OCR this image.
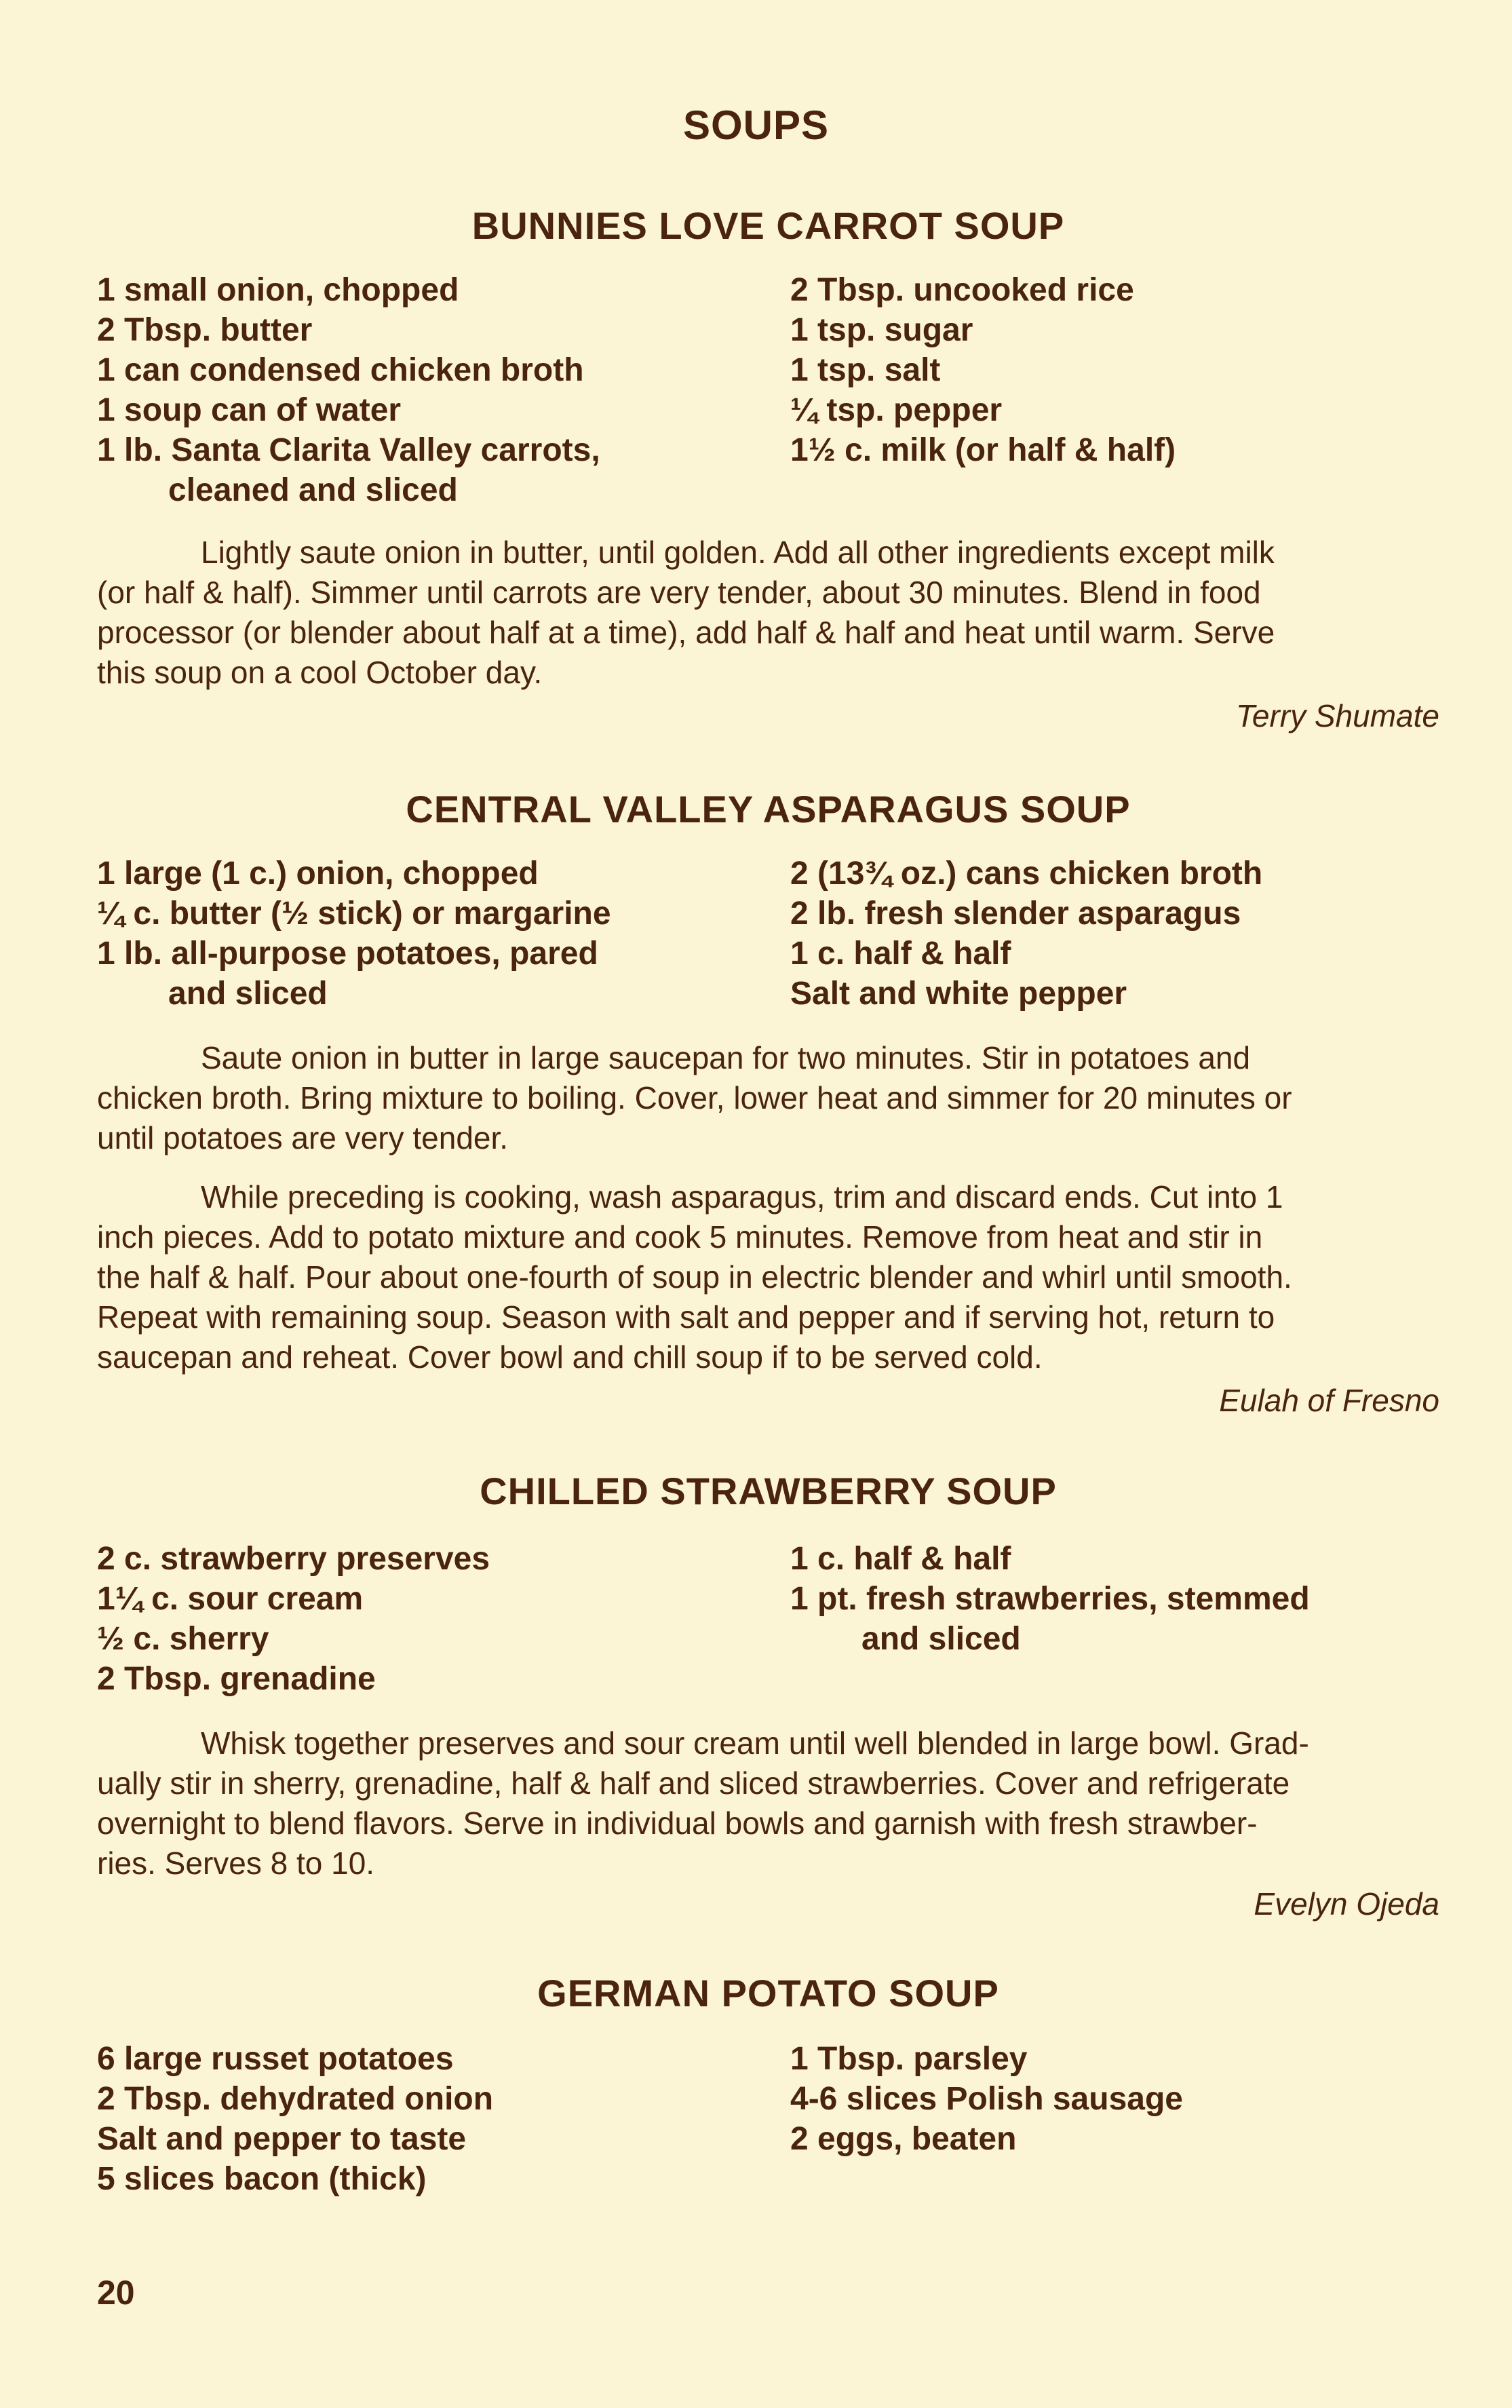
SOUPS
BUNNIES LOVE CARROT SOUP
1 small onion, chopped
2 Tbsp. butter
1 can condensed chicken broth
1 soup can of water
1 lb. Santa Clarita Valley carrots,
cleaned and sliced
2 Tbsp. uncooked rice
1 tsp. sugar
1 tsp. salt
¼ tsp. pepper
1½ c. milk (or half & half)
Lightly saute onion in butter, until golden. Add all other ingredients except milk
(or half & half). Simmer until carrots are very tender, about 30 minutes. Blend in food
processor (or blender about half at a time), add half & half and heat until warm. Serve
this soup on a cool October day.
Terry Shumate
CENTRAL VALLEY ASPARAGUS SOUP
1 large (1 c.) onion, chopped
¼ c. butter (½ stick) or margarine
1 lb. all-purpose potatoes, pared
and sliced
2 (13¾ oz.) cans chicken broth
2 lb. fresh slender asparagus
1 c. half & half
Salt and white pepper
Saute onion in butter in large saucepan for two minutes. Stir in potatoes and
chicken broth. Bring mixture to boiling. Cover, lower heat and simmer for 20 minutes or
until potatoes are very tender.
While preceding is cooking, wash asparagus, trim and discard ends. Cut into 1
inch pieces. Add to potato mixture and cook 5 minutes. Remove from heat and stir in
the half & half. Pour about one-fourth of soup in electric blender and whirl until smooth.
Repeat with remaining soup. Season with salt and pepper and if serving hot, return to
saucepan and reheat. Cover bowl and chill soup if to be served cold.
Eulah of Fresno
CHILLED STRAWBERRY SOUP
2 c. strawberry preserves
1¼ c. sour cream
½ c. sherry
2 Tbsp. grenadine
1 c. half & half
1 pt. fresh strawberries, stemmed
and sliced
Whisk together preserves and sour cream until well blended in large bowl. Grad-
ually stir in sherry, grenadine, half & half and sliced strawberries. Cover and refrigerate
overnight to blend flavors. Serve in individual bowls and garnish with fresh strawber-
ries. Serves 8 to 10.
Evelyn Ojeda
GERMAN POTATO SOUP
6 large russet potatoes
2 Tbsp. dehydrated onion
Salt and pepper to taste
5 slices bacon (thick)
1 Tbsp. parsley
4-6 slices Polish sausage
2 eggs, beaten
20
